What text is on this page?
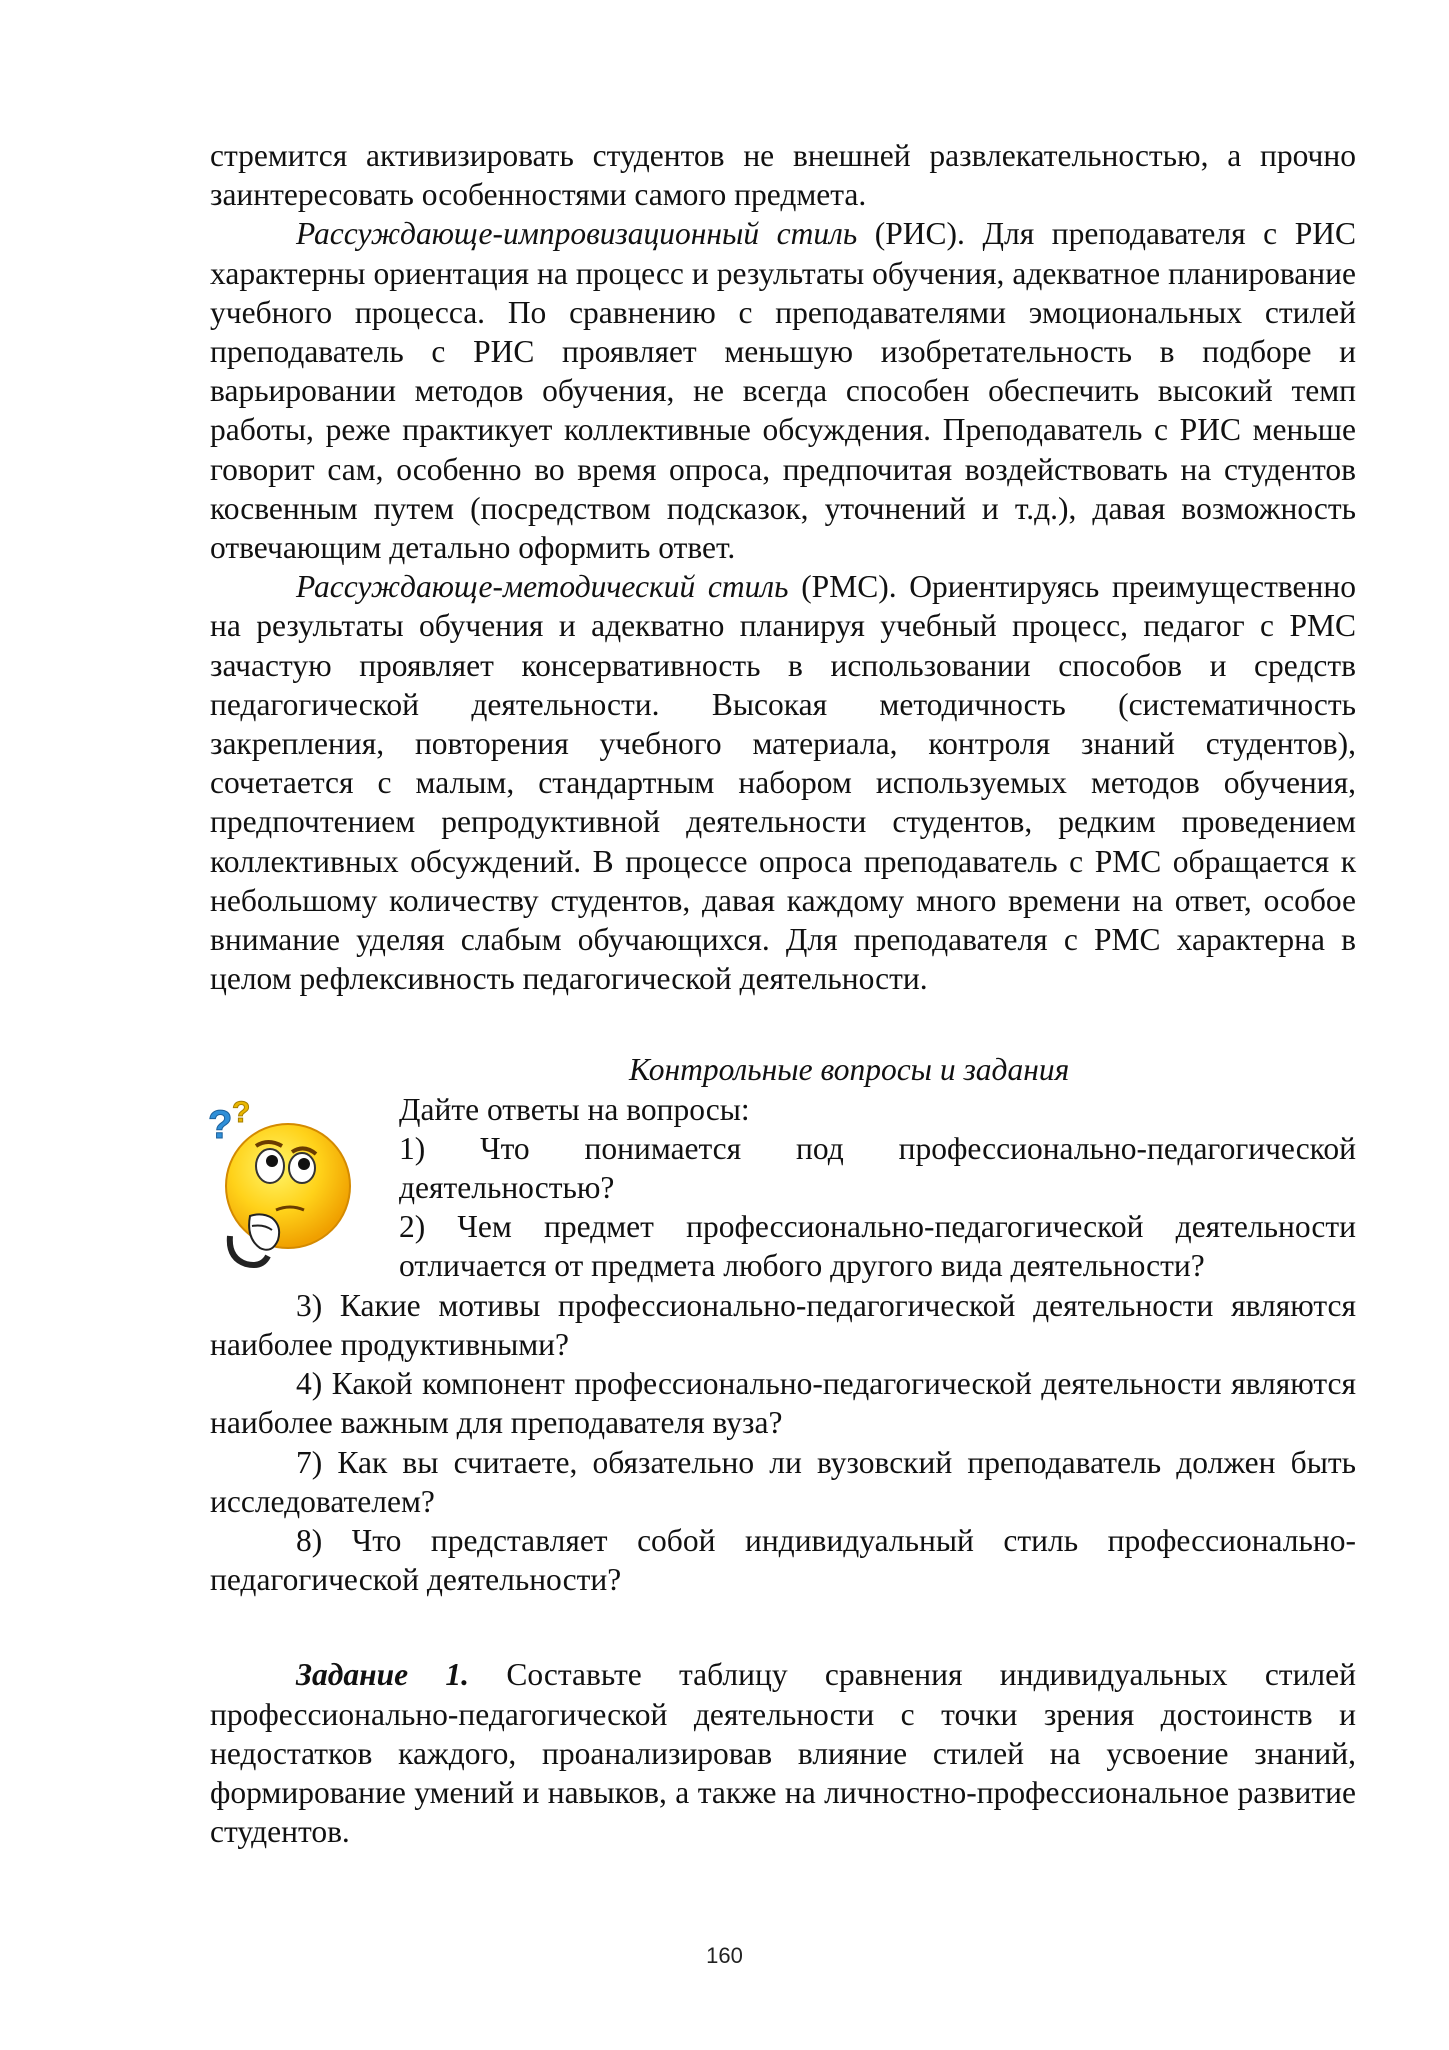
стремится активизировать студентов не внешней развлекательностью, а прочно заинтересовать особенностями самого предмета.

Рассуждающе-импровизационный стиль (РИС). Для преподавателя с РИС характерны ориентация на процесс и результаты обучения, адекватное планирование учебного процесса. По сравнению с преподавателями эмоциональных стилей преподаватель с РИС проявляет меньшую изобретательность в подборе и варьировании методов обучения, не всегда способен обеспечить высокий темп работы, реже практикует коллективные обсуждения. Преподаватель с РИС меньше говорит сам, особенно во время опроса, предпочитая воздействовать на студентов косвенным путем (посредством подсказок, уточнений и т.д.), давая возможность отвечающим детально оформить ответ.

Рассуждающе-методический стиль (РМС). Ориентируясь преимущественно на результаты обучения и адекватно планируя учебный процесс, педагог с РМС зачастую проявляет консервативность в использовании способов и средств педагогической деятельности. Высокая методичность (систематичность закрепления, повторения учебного материала, контроля знаний студентов), сочетается с малым, стандартным набором используемых методов обучения, предпочтением репродуктивной деятельности студентов, редким проведением коллективных обсуждений. В процессе опроса преподаватель с РМС обращается к небольшому количеству студентов, давая каждому много времени на ответ, особое внимание уделяя слабым обучающихся. Для преподавателя с РМС характерна в целом рефлексивность педагогической деятельности.

Контрольные вопросы и задания

? ?	Дайте ответы на вопросы:

1) Что понимается под профессионально-педагогической деятельностью?

2) Чем предмет профессионально-педагогической деятельности отличается от предмета любого другого вида деятельности?

3) Какие мотивы профессионально-педагогической деятельности являются наиболее продуктивными?

4) Какой компонент профессионально-педагогической деятельности являются наиболее важным для преподавателя вуза?

7) Как вы считаете, обязательно ли вузовский преподаватель должен быть исследователем?

8) Что представляет собой индивидуальный стиль профессионально-педагогической деятельности?

Задание 1. Составьте таблицу сравнения индивидуальных стилей профессионально-педагогической деятельности с точки зрения достоинств и недостатков каждого, проанализировав влияние стилей на усвоение знаний, формирование умений и навыков, а также на личностно-профессиональное развитие студентов.

160
